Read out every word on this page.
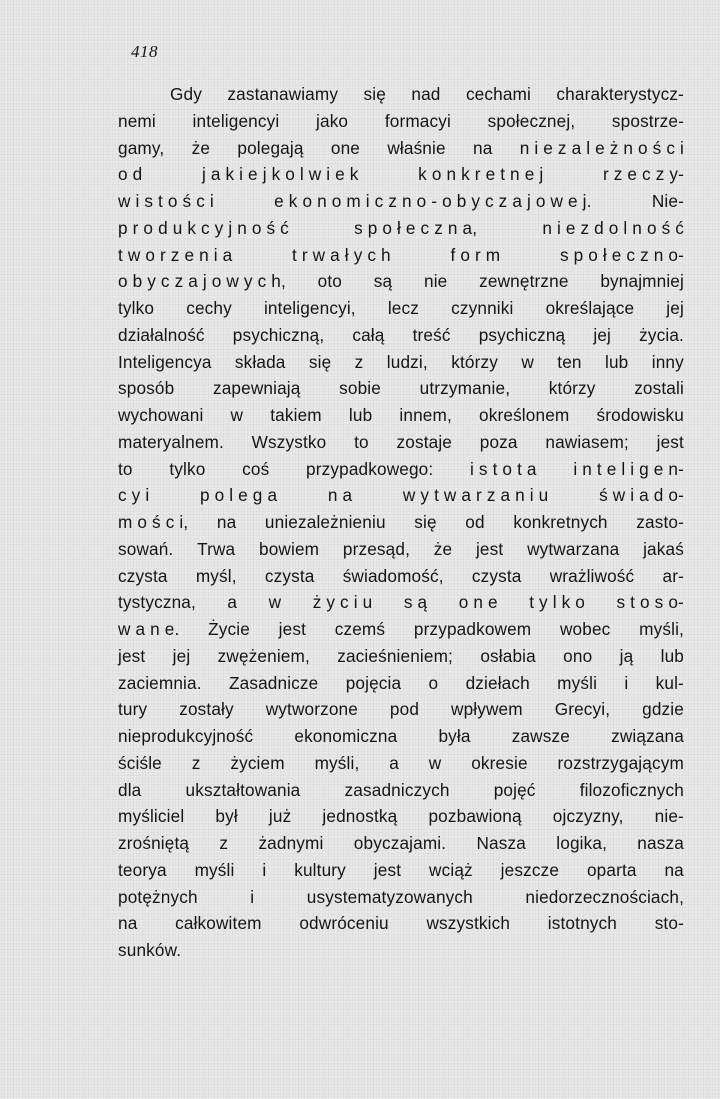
418
Gdy zastanawiamy się nad cechami charakterystycz-
nemi inteligencyi jako formacyi społecznej, spostrze-
gamy, że polegają one właśnie na n i e z a l e ż n o ś c i
o d	j a k i e j k o l w i e k	k o n k r e t n e j	r z e c z y-
w i s t o ś c i	e k o n o m i c z n o - o b y c z a j o w e j.	Nie-
p r o d u k c y j n o ś ć	s p o ł e c z n a,	n i e z d o l n o ś ć
t w o r z e n i a	t r w a ł y c h	f o r m	s p o ł e c z n o-
o b y c z a j o w y c h, oto są nie zewnętrzne bynajmniej
tylko cechy inteligencyi, lecz czynniki określające jej
działalność psychiczną, całą treść psychiczną jej życia.
Inteligencya składa się z ludzi, którzy w ten lub inny
sposób zapewniają sobie utrzymanie, którzy zostali
wychowani w takiem lub innem, określonem środowisku
materyalnem. Wszystko to zostaje poza nawiasem; jest
to tylko coś przypadkowego: i s t o t a i n t e l i g e n-
c y i	p o l e g a	n a	w y t w a r z a n i u	ś w i a d o-
m o ś c i, na uniezależnieniu się od konkretnych zasto-
sowań. Trwa bowiem przesąd, że jest wytwarzana jakaś
czysta myśl, czysta świadomość, czysta wrażliwość ar-
tystyczna, a w ż y c i u s ą o n e t y l k o s t o s o-
w a n e. Życie jest czemś przypadkowem wobec myśli,
jest jej zwężeniem, zacieśnieniem; osłabia ono ją lub
zaciemnia. Zasadnicze pojęcia o dziełach myśli i kul-
tury zostały wytworzone pod wpływem Grecyi, gdzie
nieprodukcyjność ekonomiczna była zawsze związana
ściśle z życiem myśli, a w okresie rozstrzygającym
dla	ukształtowania	zasadniczych	pojęć	filozoficznych
myśliciel był już jednostką pozbawioną ojczyzny, nie-
zrośniętą z żadnymi obyczajami. Nasza logika, nasza
teorya myśli i kultury jest wciąż jeszcze oparta na
potężnych	i	usystematyzowanych	niedorzecznościach,
na całkowitem odwróceniu wszystkich istotnych sto-
sunków.
